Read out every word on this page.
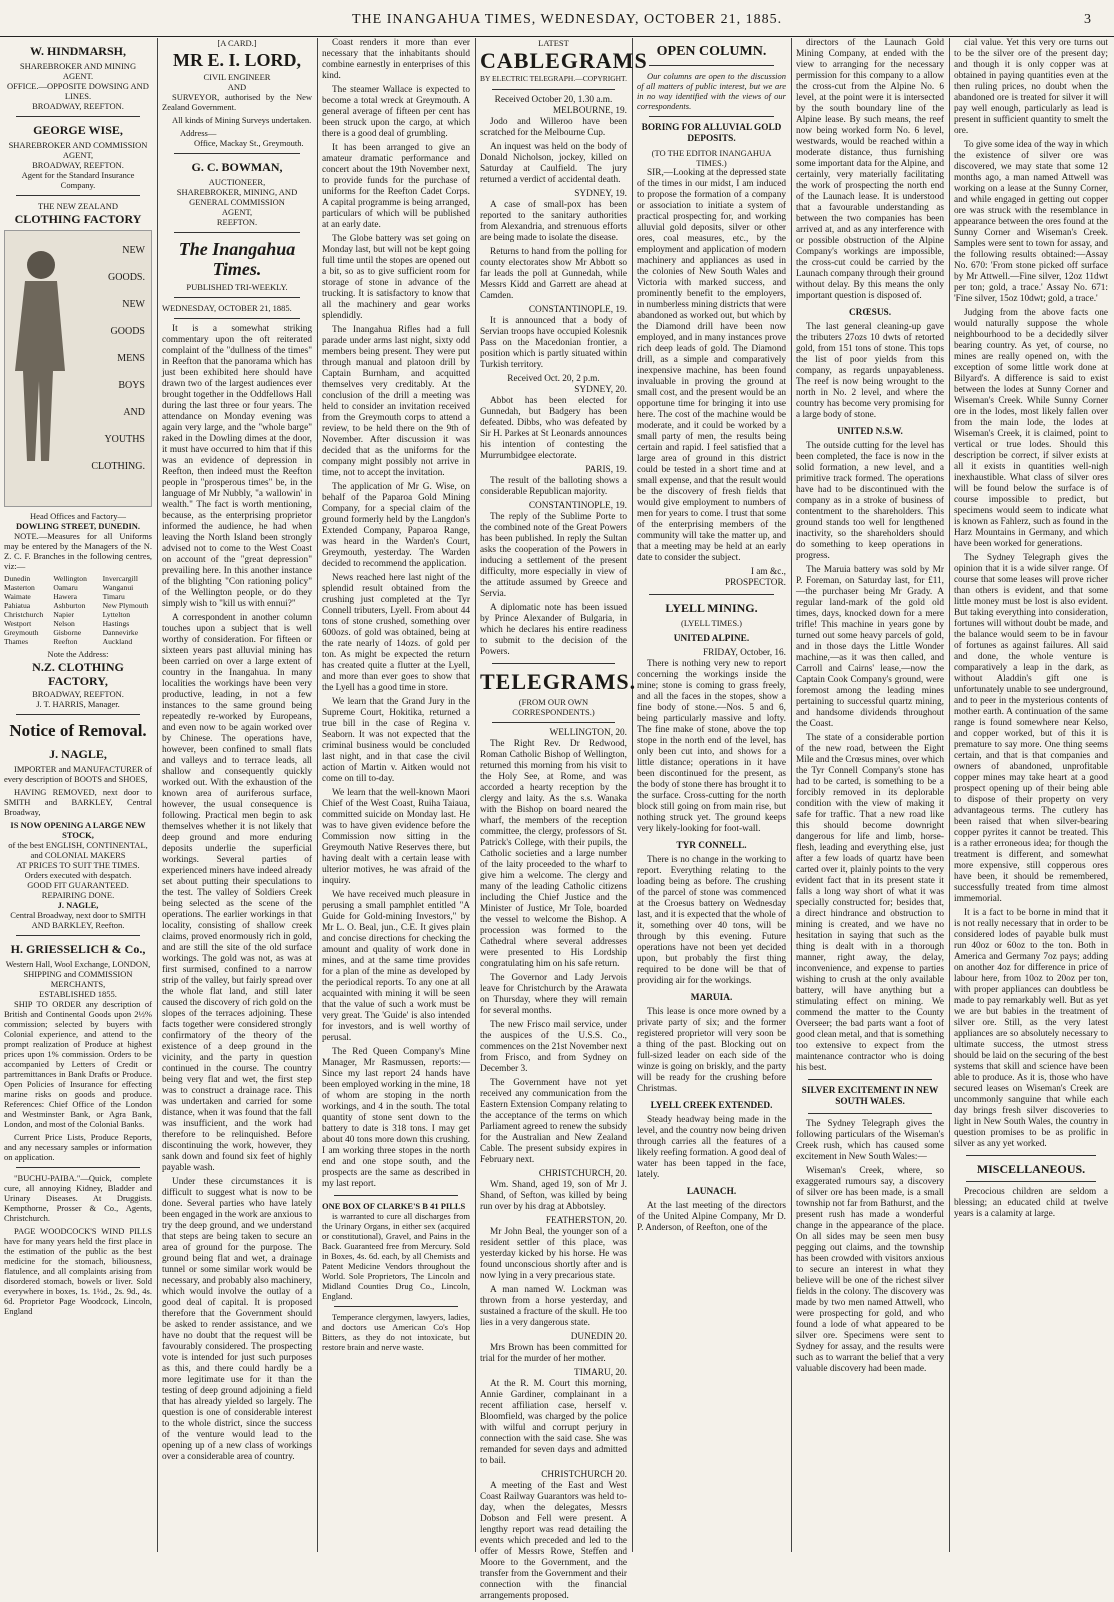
THE INANGAHUA TIMES, WEDNESDAY, OCTOBER 21, 1885.	3
W. HINDMARSH,
SHAREBROKER AND MINING AGENT.
OFFICE.—OPPOSITE DOWSING AND LINES.
BROADWAY, REEFTON.
GEORGE WISE,
SHAREBROKER AND COMMISSION AGENT,
BROADWAY, REEFTON.
Agent for the Standard Insurance Company.
THE NEW ZEALAND
CLOTHING FACTORY
NEW
GOODS.
NEW
GOODS
MENS
BOYS
AND
YOUTHS
CLOTHING.
Head Offices and Factory—
DOWLING STREET, DUNEDIN.

NOTE.—Measures for all Uniforms may be entered by the Managers of the N. Z. C. F. Branches in the following centres, viz:—

Dunedin	Wellington	Invercargill
Masterton	Oamaru	Wanganui
Waimate	Hawera	Timaru
Pahiatua	Ashburton	New Plymouth
Christchurch	Napier	Lyttelton
Westport	Nelson	Hastings
Greymouth	Gisborne	Dannevirke
Thames	Reefton	Auckland
Note the Address:
N.Z. CLOTHING FACTORY,
BROADWAY, REEFTON.
J. T. HARRIS, Manager.
Notice of Removal.
J. NAGLE,

IMPORTER and MANUFACTURER of every description of BOOTS and SHOES,

HAVING REMOVED, next door to SMITH and BARKLEY, Central Broadway,

IS NOW OPENING A LARGE NEW STOCK,
of the best ENGLISH, CONTINENTAL, and COLONIAL MAKERS
AT PRICES TO SUIT THE TIMES.
Orders executed with despatch.
GOOD FIT GUARANTEED.
REPAIRING DONE.
J. NAGLE,
Central Broadway, next door to SMITH AND BARKLEY, Reefton.
H. GRIESSELICH & Co.,
Western Hall, Wool Exchange, LONDON,
SHIPPING and COMMISSION MERCHANTS,
ESTABLISHED 1855.

SHIP TO ORDER any description of British and Continental Goods upon 2½% commission; selected by buyers with Colonial experience, and attend to the prompt realization of Produce at highest prices upon 1% commission. Orders to be accompanied by Letters of Credit or partremittances in Bank Drafts or Produce. Open Policies of Insurance for effecting marine risks on goods and produce. References: Chief Office of the London and Westminster Bank, or Agra Bank, London, and most of the Colonial Banks.

Current Price Lists, Produce Reports, and any necessary samples or information on application.

"BUCHU-PAIBA."—Quick, complete cure, all annoying Kidney, Bladder and Urinary Diseases. At Druggists. Kempthorne, Prosser & Co., Agents, Christchurch.

PAGE WOODCOCK'S WIND PILLS have for many years held the first place in the estimation of the public as the best medicine for the stomach, biliousness, flatulence, and all complaints arising from disordered stomach, bowels or liver. Sold everywhere in boxes, 1s. 1½d., 2s. 9d., 4s. 6d. Proprietor Page Woodcock, Lincoln, England

[A CARD.]
MR E. I. LORD,
CIVIL ENGINEER
AND

SURVEYOR, authorised by the New Zealand Government.

All kinds of Mining Surveys undertaken.

Address—
Office, Mackay St., Greymouth.
G. C. BOWMAN,
AUCTIONEER,
SHAREBROKER, MINING, AND
GENERAL COMMISSION
AGENT,
REEFTON.
The Inangahua Times.
PUBLISHED TRI-WEEKLY.
WEDNESDAY, OCTOBER 21, 1885.

It is a somewhat striking commentary upon the oft reiterated complaint of the "dullness of the times" in Reefton that the panorama which has just been exhibited here should have drawn two of the largest audiences ever brought together in the Oddfellows Hall during the last three or four years. The attendance on Monday evening was again very large, and the "whole barge" raked in the Dowling dimes at the door, it must have occurred to him that if this was an evidence of depression in Reefton, then indeed must the Reefton people in "prosperous times" be, in the language of Mr Nubbly, "a wallowin' in wealth." The fact is worth mentioning, because, as the enterprising proprietor informed the audience, he had when leaving the North Island been strongly advised not to come to the West Coast on account of the "great depression" prevailing here. In this another instance of the blighting "Con rationing policy" of the Wellington people, or do they simply wish to "kill us with ennui?"

A correspondent in another column touches upon a subject that is well worthy of consideration. For fifteen or sixteen years past alluvial mining has been carried on over a large extent of country in the Inangahua. In many localities the workings have been very productive, leading, in not a few instances to the same ground being repeatedly re-worked by Europeans, and even now to be again worked over by Chinese. The operations have, however, been confined to small flats and valleys and to terrace leads, all shallow and consequently quickly worked out. With the exhaustion of the known area of auriferous surface, however, the usual consequence is following. Practical men begin to ask themselves whether it is not likely that deep ground and more enduring deposits underlie the superficial workings. Several parties of experienced miners have indeed already set about putting their speculations to the test. The valley of Soldiers Creek being selected as the scene of the operations. The earlier workings in that locality, consisting of shallow creek claims, proved enormously rich in gold, and are still the site of the old surface workings. The gold was not, as was at first surmised, confined to a narrow strip of the valley, but fairly spread over the whole flat land, and still later caused the discovery of rich gold on the slopes of the terraces adjoining. These facts together were considered strongly confirmatory of the theory of the existence of a deep ground in the vicinity, and the party in question continued in the course. The country being very flat and wet, the first step was to construct a drainage race. This was undertaken and carried for some distance, when it was found that the fall was insufficient, and the work had therefore to be relinquished. Before discontinuing the work, however, they sank down and found six feet of highly payable wash.

Under these circumstances it is difficult to suggest what is now to be done. Several parties who have lately been engaged in the work are anxious to try the deep ground, and we understand that steps are being taken to secure an area of ground for the purpose. The ground being flat and wet, a drainage tunnel or some similar work would be necessary, and probably also machinery, which would involve the outlay of a good deal of capital. It is proposed therefore that the Government should be asked to render assistance, and we have no doubt that the request will be favourably considered. The prospecting vote is intended for just such purposes as this, and there could hardly be a more legitimate use for it than the testing of deep ground adjoining a field that has already yielded so largely. The question is one of considerable interest to the whole district, since the success of the venture would lead to the opening up of a new class of workings over a considerable area of country.

Coast renders it more than ever necessary that the inhabitants should combine earnestly in enterprises of this kind.

The steamer Wallace is expected to become a total wreck at Greymouth. A general average of fifteen per cent has been struck upon the cargo, at which there is a good deal of grumbling.

It has been arranged to give an amateur dramatic performance and concert about the 19th November next, to provide funds for the purchase of uniforms for the Reefton Cadet Corps. A capital programme is being arranged, particulars of which will be published at an early date.

The Globe battery was set going on Monday last, but will not be kept going full time until the stopes are opened out a bit, so as to give sufficient room for storage of stone in advance of the trucking. It is satisfactory to know that all the machinery and gear works splendidly.

The Inangahua Rifles had a full parade under arms last night, sixty odd members being present. They were put through manual and platoon drill by Captain Burnham, and acquitted themselves very creditably. At the conclusion of the drill a meeting was held to consider an invitation received from the Greymouth corps to attend a review, to be held there on the 9th of November. After discussion it was decided that as the uniforms for the company might possibly not arrive in time, not to accept the invitation.

The application of Mr G. Wise, on behalf of the Paparoa Gold Mining Company, for a special claim of the ground formerly held by the Langdon's Extended Company, Paparoa Range, was heard in the Warden's Court, Greymouth, yesterday. The Warden decided to recommend the application.

News reached here last night of the splendid result obtained from the crushing just completed at the Tyr Connell tributers, Lyell. From about 44 tons of stone crushed, something over 600ozs. of gold was obtained, being at the rate nearly of 14ozs. of gold per ton. As might be expected the return has created quite a flutter at the Lyell, and more than ever goes to show that the Lyell has a good time in store.

We learn that the Grand Jury in the Supreme Court, Hokitika, returned a true bill in the case of Regina v. Seaborn. It was not expected that the criminal business would be concluded last night, and in that case the civil action of Martin v. Aitken would not come on till to-day.

We learn that the well-known Maori Chief of the West Coast, Ruiha Taiaua, committed suicide on Monday last. He was to have given evidence before the Commission now sitting in the Greymouth Native Reserves there, but having dealt with a certain lease with ulterior motives, he was afraid of the inquiry.

We have received much pleasure in perusing a small pamphlet entitled "A Guide for Gold-mining Investors," by Mr L. O. Beal, jun., C.E. It gives plain and concise directions for checking the amount and quality of work done in mines, and at the same time provides for a plan of the mine as developed by the periodical reports. To any one at all acquainted with mining it will be seen that the value of such a work must be very great. The 'Guide' is also intended for investors, and is well worthy of perusal.

The Red Queen Company's Mine Manager, Mr Rasmussen, reports:—Since my last report 24 hands have been employed working in the mine, 18 of whom are stoping in the north workings, and 4 in the south. The total quantity of stone sent down to the battery to date is 318 tons. I may get about 40 tons more down this crushing. I am working three stopes in the north end and one stope south, and the prospects are the same as described in my last report.

ONE BOX OF CLARKE'S B 41 PILLS

is warranted to cure all discharges from the Urinary Organs, in either sex (acquired or constitutional), Gravel, and Pains in the Back. Guaranteed free from Mercury. Sold in Boxes, 4s. 6d. each, by all Chemists and Patent Medicine Vendors throughout the World. Sole Proprietors, The Lincoln and Midland Counties Drug Co., Lincoln, England.

Temperance clergymen, lawyers, ladies, and doctors use American Co's Hop Bitters, as they do not intoxicate, but restore brain and nerve waste.

LATEST
CABLEGRAMS
BY ELECTRIC TELEGRAPH.—COPYRIGHT.
Received October 20, 1.30 a.m.
MELBOURNE, 19.

Jodo and Willeroo have been scratched for the Melbourne Cup.

An inquest was held on the body of Donald Nicholson, jockey, killed on Saturday at Caulfield. The jury returned a verdict of accidental death.

SYDNEY, 19.

A case of small-pox has been reported to the sanitary authorities from Alexandria, and strenuous efforts are being made to isolate the disease.

Returns to hand from the polling for county electorates show Mr Abbott so far leads the poll at Gunnedah, while Messrs Kidd and Garrett are ahead at Camden.

CONSTANTINOPLE, 19.

It is announced that a body of Servian troops have occupied Kolesnik Pass on the Macedonian frontier, a position which is partly situated within Turkish territory.

Received Oct. 20, 2 p.m.
SYDNEY, 20.

Abbot has been elected for Gunnedah, but Badgery has been defeated. Dibbs, who was defeated by Sir H. Parkes at St Leonards announces his intention of contesting the Murrumbidgee electorate.

PARIS, 19.

The result of the balloting shows a considerable Republican majority.

CONSTANTINOPLE, 19.

The reply of the Sublime Porte to the combined note of the Great Powers has been published. In reply the Sultan asks the cooperation of the Powers in inducing a settlement of the present difficulty, more especially in view of the attitude assumed by Greece and Servia.

A diplomatic note has been issued by Prince Alexander of Bulgaria, in which he declares his entire readiness to submit to the decision of the Powers.

TELEGRAMS.
(FROM OUR OWN CORRESPONDENTS.)
WELLINGTON, 20.

The Right Rev. Dr Redwood, Roman Catholic Bishop of Wellington, returned this morning from his visit to the Holy See, at Rome, and was accorded a hearty reception by the clergy and laity. As the s.s. Wanaka with the Bishop on board neared the wharf, the members of the reception committee, the clergy, professors of St. Patrick's College, with their pupils, the Catholic societies and a large number of the laity proceeded to the wharf to give him a welcome. The clergy and many of the leading Catholic citizens including the Chief Justice and the Minister of Justice, Mr Tole, boarded the vessel to welcome the Bishop. A procession was formed to the Cathedral where several addresses were presented to His Lordship congratulating him on his safe return.

The Governor and Lady Jervois leave for Christchurch by the Arawata on Thursday, where they will remain for several months.

The new Frisco mail service, under the auspices of the U.S.S. Co., commences on the 21st November next from Frisco, and from Sydney on December 3.

The Government have not yet received any communication from the Eastern Extension Company relating to the acceptance of the terms on which Parliament agreed to renew the subsidy for the Australian and New Zealand Cable. The present subsidy expires in February next.

CHRISTCHURCH, 20.

Wm. Shand, aged 19, son of Mr J. Shand, of Sefton, was killed by being run over by his drag at Abbotsley.

FEATHERSTON, 20.

Mr John Beal, the younger son of a resident settler of this place, was yesterday kicked by his horse. He was found unconscious shortly after and is now lying in a very precarious state.

A man named W. Lockman was thrown from a horse yesterday, and sustained a fracture of the skull. He too lies in a very dangerous state.

DUNEDIN 20.

Mrs Brown has been committed for trial for the murder of her mother.

TIMARU, 20.

At the R. M. Court this morning, Annie Gardiner, complainant in a recent affiliation case, herself v. Bloomfield, was charged by the police with wilful and corrupt perjury in connection with the said case. She was remanded for seven days and admitted to bail.

CHRISTCHURCH 20.

A meeting of the East and West Coast Railway Guarantors was held to-day, when the delegates, Messrs Dobson and Fell were present. A lengthy report was read detailing the events which preceded and led to the offer of Messrs Rowe, Steffen and Moore to the Government, and the transfer from the Government and their connection with the financial arrangements proposed.

OPEN COLUMN.

Our columns are open to the discussion of all matters of public interest, but we are in no way identified with the views of our correspondents.

BORING FOR ALLUVIAL GOLD DEPOSITS.
(TO THE EDITOR INANGAHUA TIMES.)

SIR,—Looking at the depressed state of the times in our midst, I am induced to propose the formation of a company or association to initiate a system of practical prospecting for, and working alluvial gold deposits, silver or other ores, coal measures, etc., by the employment and application of modern machinery and appliances as used in the colonies of New South Wales and Victoria with marked success, and prominently benefit to the employers, in numberless mining districts that were abandoned as worked out, but which by the Diamond drill have been now employed, and in many instances prove rich deep leads of gold. The Diamond drill, as a simple and comparatively inexpensive machine, has been found invaluable in proving the ground at small cost, and the present would be an opportune time for bringing it into use here. The cost of the machine would be moderate, and it could be worked by a small party of men, the results being certain and rapid. I feel satisfied that a large area of ground in this district could be tested in a short time and at small expense, and that the result would be the discovery of fresh fields that would give employment to numbers of men for years to come. I trust that some of the enterprising members of the community will take the matter up, and that a meeting may be held at an early date to consider the subject.

I am &c.,
PROSPECTOR.
LYELL MINING.
(LYELL TIMES.)
UNITED ALPINE.
FRIDAY, October, 16.

There is nothing very new to report concerning the workings inside the mine; stone is coming to grass freely, and all the faces in the stopes, show a fine body of stone.—Nos. 5 and 6, being particularly massive and lofty. The fine make of stone, above the top stope in the north end of the level, has only been cut into, and shows for a little distance; operations in it have been discontinued for the present, as the body of stone there has brought it to the surface. Cross-cutting for the north block still going on from main rise, but nothing struck yet. The ground keeps very likely-looking for foot-wall.

TYR CONNELL.

There is no change in the working to report. Everything relating to the loading being as before. The crushing of the parcel of stone was commenced at the Croesus battery on Wednesday last, and it is expected that the whole of it, something over 40 tons, will be through by this evening. Future operations have not been yet decided upon, but probably the first thing required to be done will be that of providing air for the workings.

MARUIA.

This lease is once more owned by a private party of six; and the former registered proprietor will very soon be a thing of the past. Blocking out on full-sized leader on each side of the winze is going on briskly, and the party will be ready for the crushing before Christmas.

LYELL CREEK EXTENDED.

Steady headway being made in the level, and the country now being driven through carries all the features of a likely reefing formation. A good deal of water has been tapped in the face, lately.

LAUNACH.

At the last meeting of the directors of the United Alpine Company, Mr D. P. Anderson, of Reefton, one of the

directors of the Launach Gold Mining Company, at ended with the view to arranging for the necessary permission for this company to a allow the cross-cut from the Alpine No. 6 level, at the point were it is intersected by the south boundary line of the Alpine lease. By such means, the reef now being worked form No. 6 level, westwards, would be reached within a moderate distance, thus furnishing some important data for the Alpine, and certainly, very materially facilitating the work of prospecting the north end of the Launach lease. It is understood that a favourable understanding as between the two companies has been arrived at, and as any interference with or possible obstruction of the Alpine Company's workings are impossible, the cross-cut could be carried by the Launach company through their ground without delay. By this means the only important question is disposed of.

CRŒSUS.

The last general cleaning-up gave the tributers 27ozs 10 dwts of retorted gold, from 151 tons of stone. This tops the list of poor yields from this company, as regards unpayableness. The reef is now being wrought to the north in No. 2 level, and where the country has become very promising for a large body of stone.

UNITED N.S.W.

The outside cutting for the level has been completed, the face is now in the solid formation, a new level, and a primitive track formed. The operations have had to be discontinued with the company as in a stroke of business of contentment to the shareholders. This ground stands too well for lengthened inactivity, so the shareholders should do something to keep operations in progress.

The Maruia battery was sold by Mr P. Foreman, on Saturday last, for £11,—the purchaser being Mr Grady. A regular land-mark of the gold old times, days, knocked down for a mere trifle! This machine in years gone by turned out some heavy parcels of gold, and in those days the Little Wonder machine,—as it was then called, and Carroll and Cairns' lease,—now the Captain Cook Company's ground, were foremost among the leading mines pertaining to successful quartz mining, and handsome dividends throughout the Coast.

The state of a considerable portion of the new road, between the Eight Mile and the Crœsus mines, over which the Tyr Connell Company's stone has had to be carted, is something to be a forcibly removed in its deplorable condition with the view of making it safe for traffic. That a new road like this should become downright dangerous for life and limb, horse-flesh, leading and everything else, just after a few loads of quartz have been carted over it, plainly points to the very evident fact that in its present state it falls a long way short of what it was specially constructed for; besides that, a direct hindrance and obstruction to mining is created, and we have no hesitation in saying that such as the thing is dealt with in a thorough manner, right away, the delay, inconvenience, and expense to parties wishing to crush at the only available battery, will have anything but a stimulating effect on mining. We commend the matter to the County Overseer; the bad parts want a foot of good clean metal, and that is something too extensive to expect from the maintenance contractor who is doing his best.

SILVER EXCITEMENT IN NEW SOUTH WALES.

The Sydney Telegraph gives the following particulars of the Wiseman's Creek rush, which has caused some excitement in New South Wales:—

Wiseman's Creek, where, so exaggerated rumours say, a discovery of silver ore has been made, is a small township not far from Bathurst, and the present rush has made a wonderful change in the appearance of the place. On all sides may be seen men busy pegging out claims, and the township has been crowded with visitors anxious to secure an interest in what they believe will be one of the richest silver fields in the colony. The discovery was made by two men named Attwell, who were prospecting for gold, and who found a lode of what appeared to be silver ore. Specimens were sent to Sydney for assay, and the results were such as to warrant the belief that a very valuable discovery had been made.

cial value. Yet this very ore turns out to be the silver ore of the present day; and though it is only copper was at obtained in paying quantities even at the then ruling prices, no doubt when the abandoned ore is treated for silver it will pay well enough, particularly as lead is present in sufficient quantity to smelt the ore.

To give some idea of the way in which the existence of silver ore was discovered, we may state that some 12 months ago, a man named Attwell was working on a lease at the Sunny Corner, and while engaged in getting out copper ore was struck with the resemblance in appearance between the ores found at the Sunny Corner and Wiseman's Creek. Samples were sent to town for assay, and the following results obtained:—Assay No. 670: 'From stone picked off surface by Mr Attwell.—Fine silver, 12oz 11dwt per ton; gold, a trace.' Assay No. 671: 'Fine silver, 15oz 10dwt; gold, a trace.'

Judging from the above facts one would naturally suppose the whole neighbourhood to be a decidedly silver bearing country. As yet, of course, no mines are really opened on, with the exception of some little work done at Bilyard's. A difference is said to exist between the lodes at Sunny Corner and Wiseman's Creek. While Sunny Corner ore in the lodes, most likely fallen over from the main lode, the lodes at Wiseman's Creek, it is claimed, point to vertical or true lodes. Should this description be correct, if silver exists at all it exists in quantities well-nigh inexhaustible. What class of silver ores will be found below the surface is of course impossible to predict, but specimens would seem to indicate what is known as Fahlerz, such as found in the Harz Mountains in Germany, and which have been worked for generations.

The Sydney Telegraph gives the opinion that it is a wide silver range. Of course that some leases will prove richer than others is evident, and that some little money must be lost is also evident. But taking everything into consideration, fortunes will without doubt be made, and the balance would seem to be in favour of fortunes as against failures. All said and done, the whole venture is comparatively a leap in the dark, as without Aladdin's gift one is unfortunately unable to see underground, and to peer in the mysterious contents of mother earth. A continuation of the same range is found somewhere near Kelso, and copper worked, but of this it is premature to say more. One thing seems certain, and that is that companies and owners of abandoned, unprofitable copper mines may take heart at a good prospect opening up of their being able to dispose of their property on very advantageous terms. The cutlery has been raised that when silver-bearing copper pyrites it cannot be treated. This is a rather erroneous idea; for though the treatment is different, and somewhat more expensive, still copperous ores have been, it should be remembered, successfully treated from time almost immemorial.

It is a fact to be borne in mind that it is not really necessary that in order to be considered lodes of payable bulk must run 40oz or 60oz to the ton. Both in America and Germany 7oz pays; adding on another 4oz for difference in price of labour here, from 10oz to 20oz per ton, with proper appliances can doubtless be made to pay remarkably well. But as yet we are but babies in the treatment of silver ore. Still, as the very latest appliances are so absolutely necessary to ultimate success, the utmost stress should be laid on the securing of the best systems that skill and science have been able to produce. As it is, those who have secured leases on Wiseman's Creek are uncommonly sanguine that while each day brings fresh silver discoveries to light in New South Wales, the country in question promises to be as prolific in silver as any yet worked.

MISCELLANEOUS.

Precocious children are seldom a blessing; an educated child at twelve years is a calamity at large.
